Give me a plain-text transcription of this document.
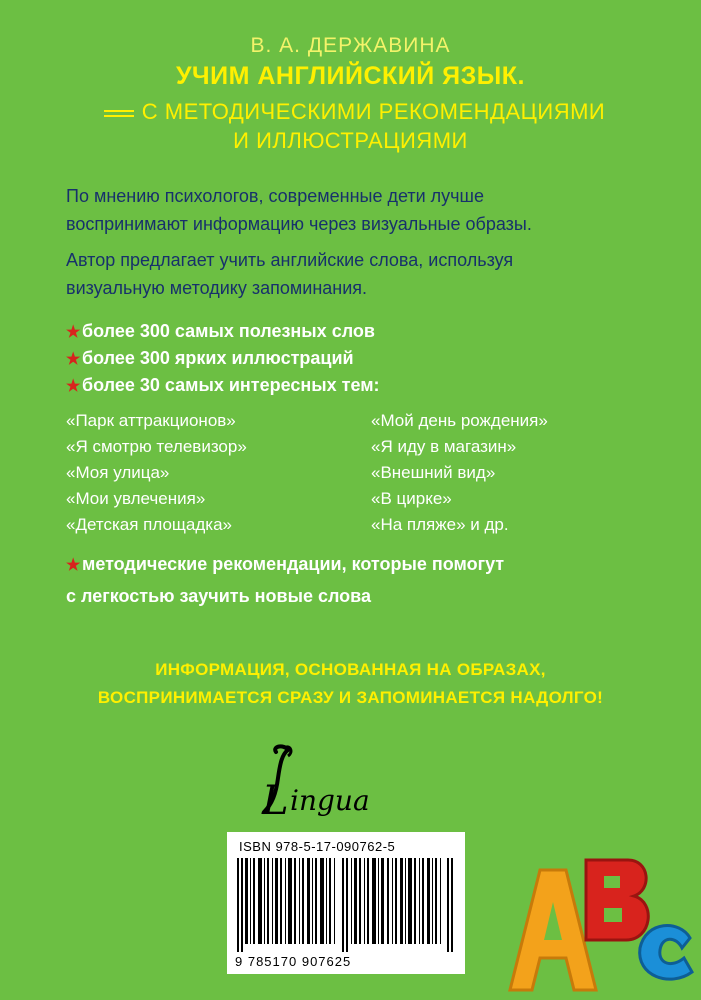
В. А. ДЕРЖАВИНА
УЧИМ АНГЛИЙСКИЙ ЯЗЫК.
С МЕТОДИЧЕСКИМИ РЕКОМЕНДАЦИЯМИ
И ИЛЛЮСТРАЦИЯМИ
По мнению психологов, современные дети лучше
воспринимают информацию через визуальные образы.
Автор предлагает учить английские слова, используя
визуальную методику запоминания.
★более 300 самых полезных слов
★более 300 ярких иллюстраций
★более 30 самых интересных тем:
«Парк аттракционов»
«Я смотрю телевизор»
«Моя улица»
«Мои увлечения»
«Детская площадка»
«Мой день рождения»
«Я иду в магазин»
«Внешний вид»
«В цирке»
«На пляже» и др.
★методические рекомендации, которые помогут
с легкостью заучить новые слова
ИНФОРМАЦИЯ, ОСНОВАННАЯ НА ОБРАЗАХ,
ВОСПРИНИМАЕТСЯ СРАЗУ И ЗАПОМИНАЕТСЯ НАДОЛГО!
L ingua
ISBN 978-5-17-090762-5
9 785170 907625
